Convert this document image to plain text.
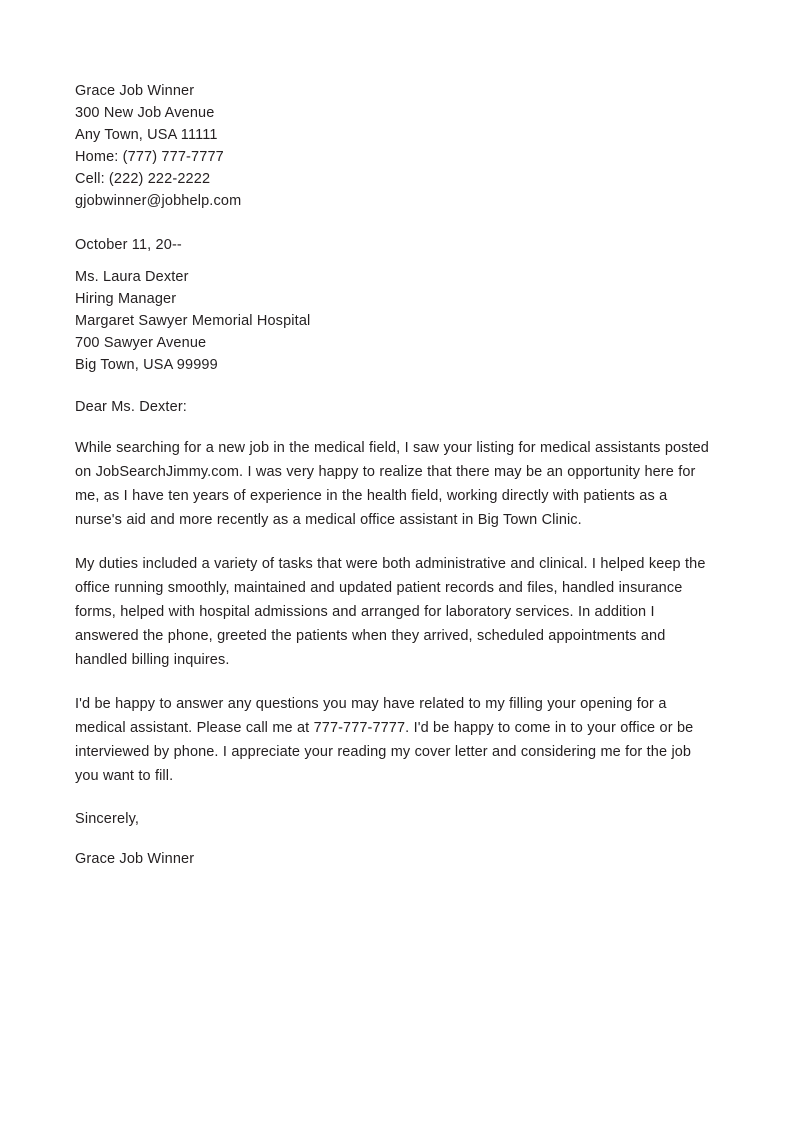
Grace Job Winner
300 New Job Avenue
Any Town, USA 11111
Home: (777) 777-7777
Cell: (222) 222-2222
gjobwinner@jobhelp.com
October 11, 20--
Ms. Laura Dexter
Hiring Manager
Margaret Sawyer Memorial Hospital
700 Sawyer Avenue
Big Town, USA 99999
Dear Ms. Dexter:

While searching for a new job in the medical field, I saw your listing for medical assistants posted on JobSearchJimmy.com. I was very happy to realize that there may be an opportunity here for me, as I have ten years of experience in the health field, working directly with patients as a nurse's aid and more recently as a medical office assistant in Big Town Clinic.

My duties included a variety of tasks that were both administrative and clinical. I helped keep the office running smoothly, maintained and updated patient records and files, handled insurance forms, helped with hospital admissions and arranged for laboratory services. In addition I answered the phone, greeted the patients when they arrived, scheduled appointments and handled billing inquires.

I'd be happy to answer any questions you may have related to my filling your opening for a medical assistant. Please call me at 777-777-7777. I'd be happy to come in to your office or be interviewed by phone. I appreciate your reading my cover letter and considering me for the job you want to fill.

Sincerely,
Grace Job Winner
